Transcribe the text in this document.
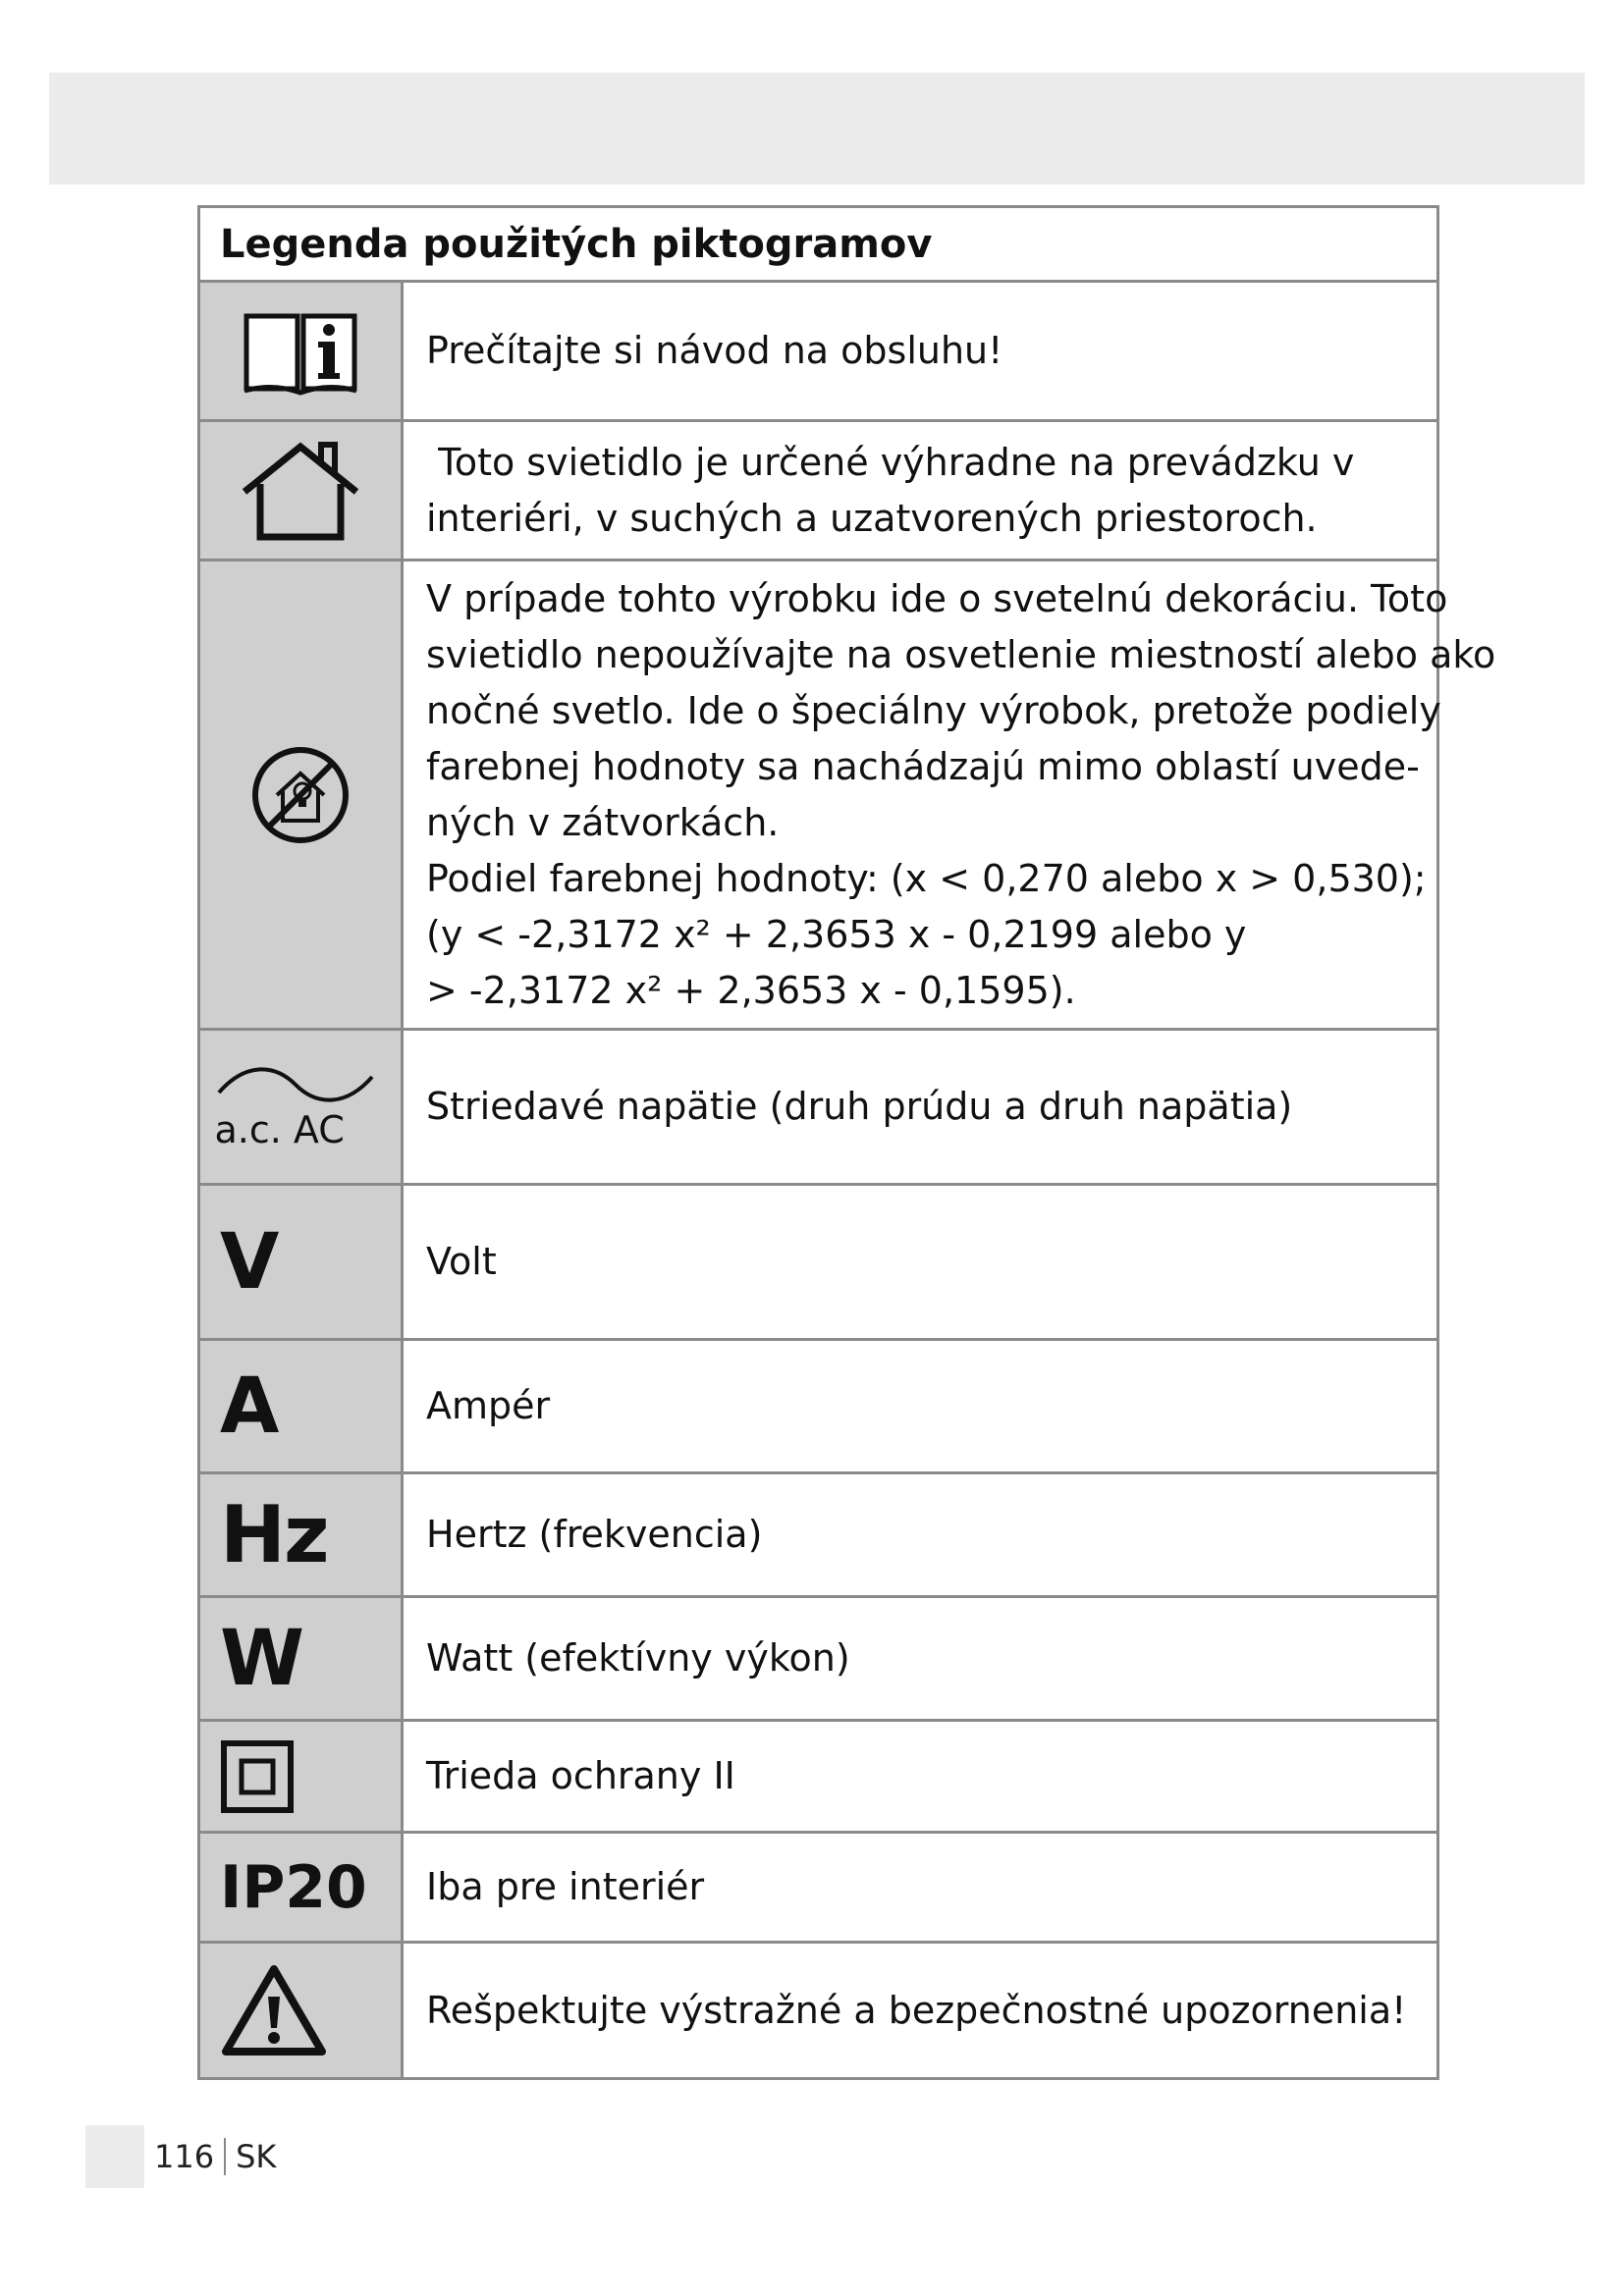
Legenda použitých piktogramov
Prečítajte si návod na obsluhu!
Toto svietidlo je určené výhradne na prevádzku v
interiéri, v suchých a uzatvorených priestoroch.
V prípade tohto výrobku ide o svetelnú dekoráciu. Toto
svietidlo nepoužívajte na osvetlenie miestností alebo ako
nočné svetlo. Ide o špeciálny výrobok, pretože podiely
farebnej hodnoty sa nachádzajú mimo oblastí uvede-
ných v zátvorkách.
Podiel farebnej hodnoty: (x < 0,270 alebo x > 0,530);
(y < -2,3172 x² + 2,3653 x - 0,2199 alebo y
> -2,3172 x² + 2,3653 x - 0,1595).
a.c. AC
Striedavé napätie (druh prúdu a druh napätia)
V	Volt
A	Ampér
Hz	Hertz (frekvencia)
W	Watt (efektívny výkon)
Trieda ochrany II
IP20 Iba pre interiér
Rešpektujte výstražné a bezpečnostné upozornenia!
116 SK
